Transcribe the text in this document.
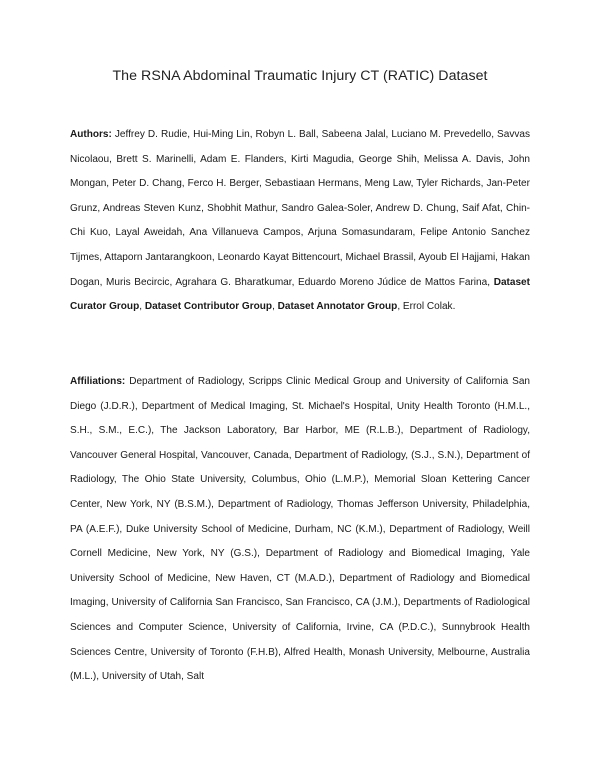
The RSNA Abdominal Traumatic Injury CT (RATIC) Dataset
Authors: Jeffrey D. Rudie, Hui-Ming Lin, Robyn L. Ball, Sabeena Jalal, Luciano M. Prevedello, Savvas Nicolaou, Brett S. Marinelli, Adam E. Flanders, Kirti Magudia, George Shih, Melissa A. Davis, John Mongan, Peter D. Chang, Ferco H. Berger, Sebastiaan Hermans, Meng Law, Tyler Richards, Jan-Peter Grunz, Andreas Steven Kunz, Shobhit Mathur, Sandro Galea-Soler, Andrew D. Chung, Saif Afat, Chin-Chi Kuo, Layal Aweidah, Ana Villanueva Campos, Arjuna Somasundaram, Felipe Antonio Sanchez Tijmes, Attaporn Jantarangkoon, Leonardo Kayat Bittencourt, Michael Brassil, Ayoub El Hajjami, Hakan Dogan, Muris Becircic, Agrahara G. Bharatkumar, Eduardo Moreno Júdice de Mattos Farina, Dataset Curator Group, Dataset Contributor Group, Dataset Annotator Group, Errol Colak.
Affiliations: Department of Radiology, Scripps Clinic Medical Group and University of California San Diego (J.D.R.), Department of Medical Imaging, St. Michael's Hospital, Unity Health Toronto (H.M.L., S.H., S.M., E.C.), The Jackson Laboratory, Bar Harbor, ME (R.L.B.), Department of Radiology, Vancouver General Hospital, Vancouver, Canada, Department of Radiology, (S.J., S.N.), Department of Radiology, The Ohio State University, Columbus, Ohio (L.M.P.), Memorial Sloan Kettering Cancer Center, New York, NY (B.S.M.), Department of Radiology, Thomas Jefferson University, Philadelphia, PA (A.E.F.), Duke University School of Medicine, Durham, NC (K.M.), Department of Radiology, Weill Cornell Medicine, New York, NY (G.S.), Department of Radiology and Biomedical Imaging, Yale University School of Medicine, New Haven, CT (M.A.D.), Department of Radiology and Biomedical Imaging, University of California San Francisco, San Francisco, CA (J.M.), Departments of Radiological Sciences and Computer Science, University of California, Irvine, CA (P.D.C.), Sunnybrook Health Sciences Centre, University of Toronto (F.H.B), Alfred Health, Monash University, Melbourne, Australia (M.L.), University of Utah, Salt
